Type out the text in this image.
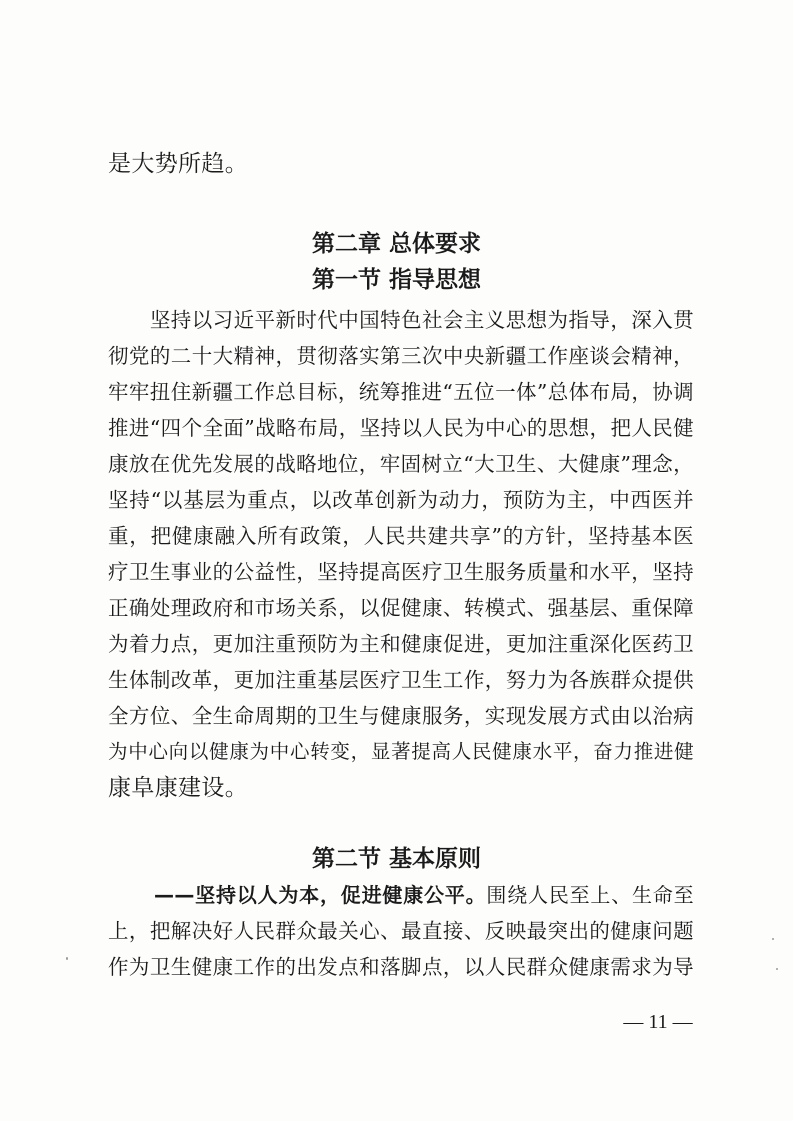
是大势所趋。
第二章 总体要求
第一节 指导思想
　　坚持以习近平新时代中国特色社会主义思想为指导，深入贯
彻党的二十大精神，贯彻落实第三次中央新疆工作座谈会精神，
牢牢扭住新疆工作总目标，统筹推进“五位一体”总体布局，协调
推进“四个全面”战略布局，坚持以人民为中心的思想，把人民健
康放在优先发展的战略地位，牢固树立“大卫生、大健康”理念，
坚持“以基层为重点，以改革创新为动力，预防为主，中西医并
重，把健康融入所有政策，人民共建共享”的方针，坚持基本医
疗卫生事业的公益性，坚持提高医疗卫生服务质量和水平，坚持
正确处理政府和市场关系，以促健康、转模式、强基层、重保障
为着力点，更加注重预防为主和健康促进，更加注重深化医药卫
生体制改革，更加注重基层医疗卫生工作，努力为各族群众提供
全方位、全生命周期的卫生与健康服务，实现发展方式由以治病
为中心向以健康为中心转变，显著提高人民健康水平，奋力推进健
康阜康建设。
第二节 基本原则
——坚持以人为本，促进健康公平。围绕人民至上、生命至
上，把解决好人民群众最关心、最直接、反映最突出的健康问题
作为卫生健康工作的出发点和落脚点，以人民群众健康需求为导
— 11 —
